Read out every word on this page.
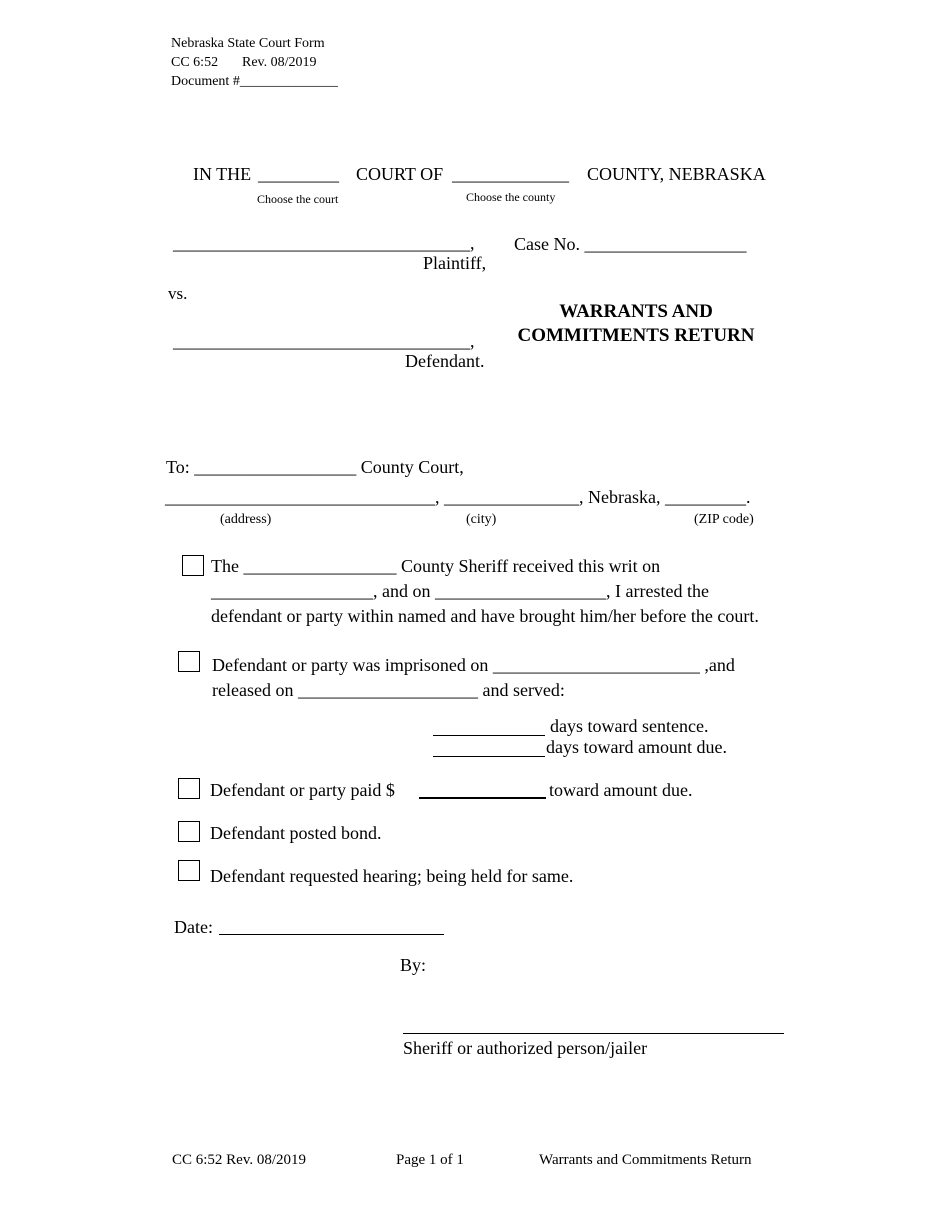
Nebraska State Court Form
CC 6:52 Rev. 08/2019
Document #______________
IN THE _________ COURT OF _____________ COUNTY, NEBRASKA
Choose the court	Choose the county
_________________________________,
Plaintiff,
Case No. __________________
vs.
_________________________________,
Defendant.
WARRANTS AND
COMMITMENTS RETURN
To: __________________ County Court,
______________________________, _______________, Nebraska, _________.
(address)	(city)	(ZIP code)
The _________________ County Sheriff received this writ on
__________________, and on ___________________, I arrested the
defendant or party within named and have brought him/her before the court.
Defendant or party was imprisoned on _______________________ ,and
released on ____________________ and served:
days toward sentence.
days toward amount due.
Defendant or party paid $	toward amount due.
Defendant posted bond.
Defendant requested hearing; being held for same.
Date:
By:
Sheriff or authorized person/jailer
CC 6:52 Rev. 08/2019	Page 1 of 1	Warrants and Commitments Return
